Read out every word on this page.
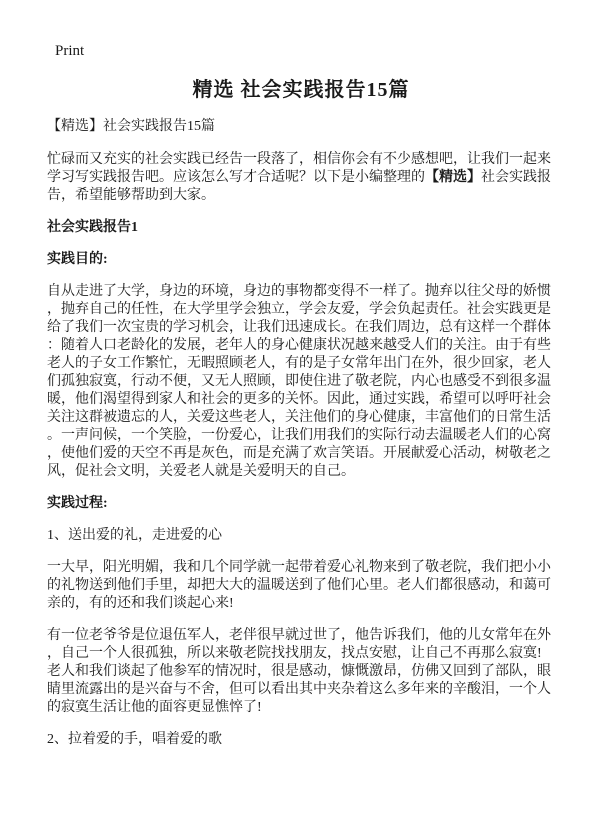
Print
精选 社会实践报告15篇

【精选】社会实践报告15篇

忙碌而又充实的社会实践已经告一段落了，相信你会有不少感想吧，让我们一起来学习写实践报告吧。应该怎么写才合适呢？以下是小编整理的【精选】社会实践报告，希望能够帮助到大家。

社会实践报告1
实践目的:

自从走进了大学，身边的环境，身边的事物都变得不一样了。抛弃以往父母的娇惯，抛弃自己的任性，在大学里学会独立，学会友爱，学会负起责任。社会实践更是给了我们一次宝贵的学习机会，让我们迅速成长。在我们周边，总有这样一个群体：随着人口老龄化的发展，老年人的身心健康状况越来越受人们的关注。由于有些老人的子女工作繁忙，无暇照顾老人，有的是子女常年出门在外，很少回家，老人们孤独寂寞，行动不便，又无人照顾，即使住进了敬老院，内心也感受不到很多温暖，他们渴望得到家人和社会的更多的关怀。因此，通过实践，希望可以呼吁社会关注这群被遗忘的人，关爱这些老人，关注他们的身心健康，丰富他们的日常生活。一声问候，一个笑脸，一份爱心，让我们用我们的实际行动去温暖老人们的心窝，使他们爱的天空不再是灰色，而是充满了欢言笑语。开展献爱心活动，树敬老之风，促社会文明，关爱老人就是关爱明天的自己。

实践过程:

1、送出爱的礼，走进爱的心

一大早，阳光明媚，我和几个同学就一起带着爱心礼物来到了敬老院，我们把小小的礼物送到他们手里，却把大大的温暖送到了他们心里。老人们都很感动，和蔼可亲的，有的还和我们谈起心来!

有一位老爷爷是位退伍军人，老伴很早就过世了，他告诉我们，他的儿女常年在外，自己一个人很孤独，所以来敬老院找找朋友，找点安慰，让自己不再那么寂寞!老人和我们谈起了他参军的情况时，很是感动，慷慨激昂，仿佛又回到了部队，眼睛里流露出的是兴奋与不舍，但可以看出其中夹杂着这么多年来的辛酸泪，一个人的寂寞生活让他的面容更显憔悴了!

2、拉着爱的手，唱着爱的歌
